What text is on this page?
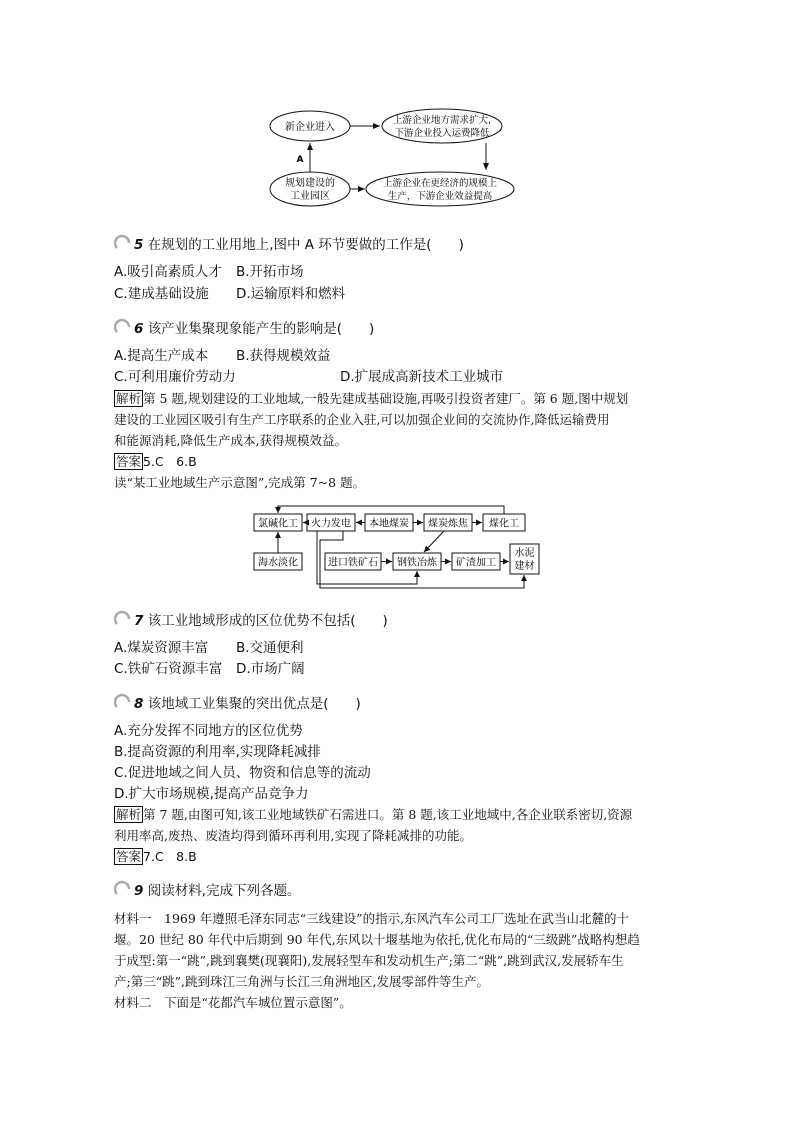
新企业进入
规划建设的
工业园区
上游企业地方需求扩大,
下游企业投入运费降低
上游企业在更经济的规模上
生产，下游企业效益提高
A
5 在规划的工业用地上,图中 A 环节要做的工作是(　　)
A.吸引高素质人才 B.开拓市场
C.建成基础设施 D.运输原料和燃料
6 该产业集聚现象能产生的影响是(　　)
A.提高生产成本 B.获得规模效益
C.可利用廉价劳动力	D.扩展成高新技术工业城市
解析 第 5 题,规划建设的工业地域,一般先建成基础设施,再吸引投资者建厂。第 6 题,图中规划
建设的工业园区吸引有生产工序联系的企业入驻,可以加强企业间的交流协作,降低运输费用
和能源消耗,降低生产成本,获得规模效益。
答案 5.C　6.B
读“某工业地域生产示意图”,完成第 7~8 题。
氯碱化工 火力发电 本地煤炭 煤炭炼焦 煤化工
海水淡化	进口铁矿石 钢铁冶炼 矿渣加工
水泥
建材
7 该工业地域形成的区位优势不包括(　　)
A.煤炭资源丰富 B.交通便利
C.铁矿石资源丰富 D.市场广阔
8 该地域工业集聚的突出优点是(　　)
A.充分发挥不同地方的区位优势
B.提高资源的利用率,实现降耗减排
C.促进地域之间人员、物资和信息等的流动
D.扩大市场规模,提高产品竞争力
解析 第 7 题,由图可知,该工业地域铁矿石需进口。第 8 题,该工业地域中,各企业联系密切,资源
利用率高,废热、废渣均得到循环再利用,实现了降耗减排的功能。
答案 7.C　8.B
9 阅读材料,完成下列各题。
材料一　1969 年遵照毛泽东同志“三线建设”的指示,东风汽车公司工厂选址在武当山北麓的十
堰。20 世纪 80 年代中后期到 90 年代,东风以十堰基地为依托,优化布局的“三级跳”战略构想趋
于成型:第一“跳”,跳到襄樊(现襄阳),发展轻型车和发动机生产;第二“跳”,跳到武汉,发展轿车生
产;第三“跳”,跳到珠江三角洲与长江三角洲地区,发展零部件等生产。
材料二　下面是“花都汽车城位置示意图”。
